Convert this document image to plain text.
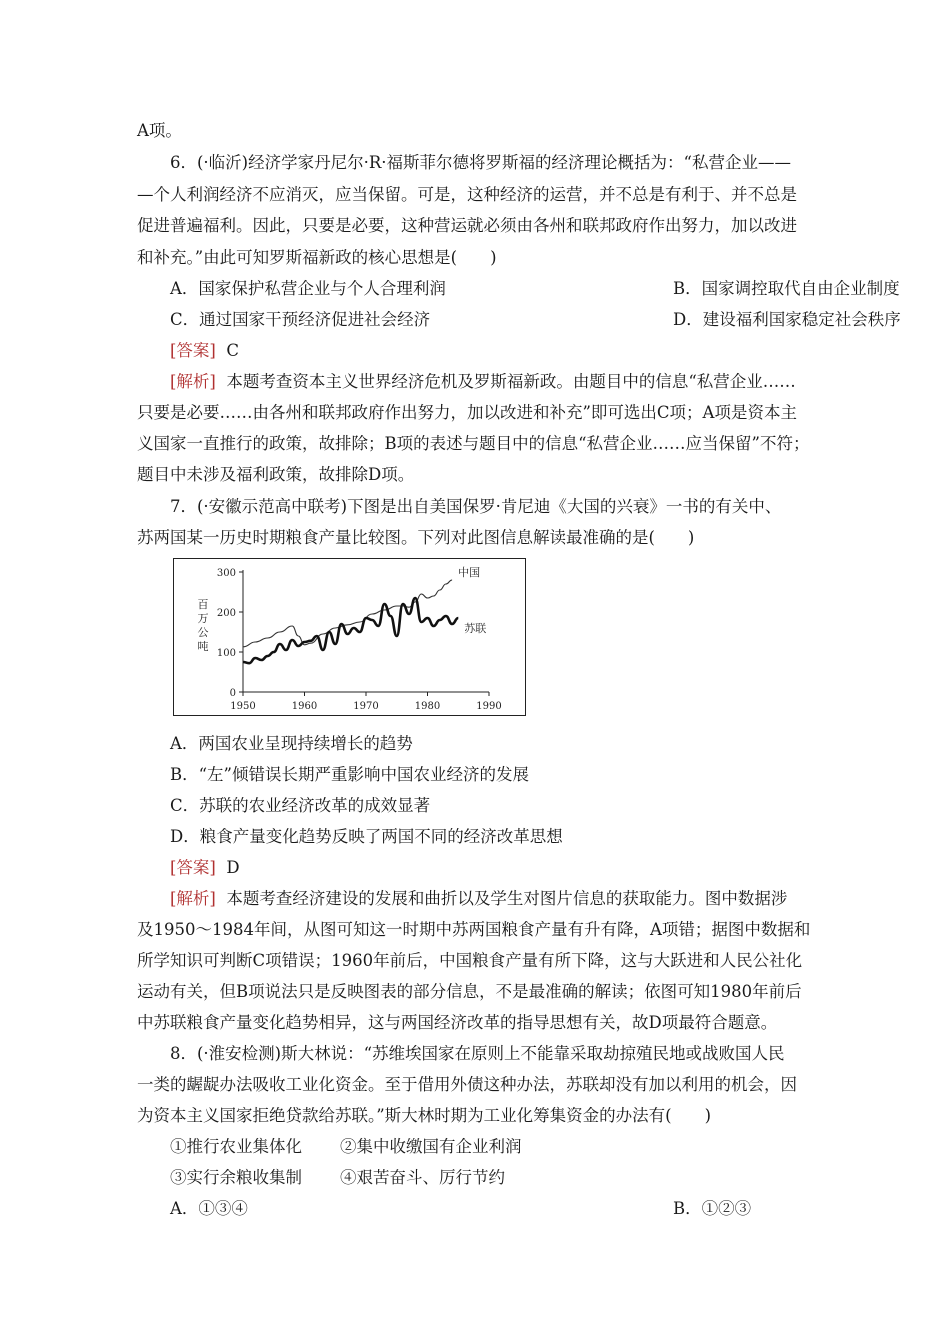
A项。
6．(·临沂)经济学家丹尼尔·R·福斯菲尔德将罗斯福的经济理论概括为：“私营企业——
—个人利润经济不应消灭，应当保留。可是，这种经济的运营，并不总是有利于、并不总是
促进普遍福利。因此，只要是必要，这种营运就必须由各州和联邦政府作出努力，加以改进
和补充。”由此可知罗斯福新政的核心思想是(　　)
A．国家保护私营企业与个人合理利润	B．国家调控取代自由企业制度
C．通过国家干预经济促进社会经济	D．建设福利国家稳定社会秩序
[答案] C
[解析] 本题考查资本主义世界经济危机及罗斯福新政。由题目中的信息“私营企业……
只要是必要……由各州和联邦政府作出努力，加以改进和补充”即可选出C项；A项是资本主
义国家一直推行的政策，故排除；B项的表述与题目中的信息“私营企业……应当保留”不符；
题目中未涉及福利政策，故排除D项。
7．(·安徽示范高中联考)下图是出自美国保罗·肯尼迪《大国的兴衰》一书的有关中、
苏两国某一历史时期粮食产量比较图。下列对此图信息解读最准确的是(　　)
1950	1960	1970	1980	1990
0
100
200
300
百
万
公
吨
中国
苏联
A．两国农业呈现持续增长的趋势
B．“左”倾错误长期严重影响中国农业经济的发展
C．苏联的农业经济改革的成效显著
D．粮食产量变化趋势反映了两国不同的经济改革思想
[答案] D
[解析] 本题考查经济建设的发展和曲折以及学生对图片信息的获取能力。图中数据涉
及1950～1984年间，从图可知这一时期中苏两国粮食产量有升有降，A项错；据图中数据和
所学知识可判断C项错误；1960年前后，中国粮食产量有所下降，这与大跃进和人民公社化
运动有关，但B项说法只是反映图表的部分信息，不是最准确的解读；依图可知1980年前后
中苏联粮食产量变化趋势相异，这与两国经济改革的指导思想有关，故D项最符合题意。
8．(·淮安检测)斯大林说：“苏维埃国家在原则上不能靠采取劫掠殖民地或战败国人民
一类的龌龊办法吸收工业化资金。至于借用外债这种办法，苏联却没有加以利用的机会，因
为资本主义国家拒绝贷款给苏联。”斯大林时期为工业化筹集资金的办法有(　　)
①推行农业集体化 ②集中收缴国有企业利润
③实行余粮收集制 ④艰苦奋斗、厉行节约
A．①③④	B．①②③
